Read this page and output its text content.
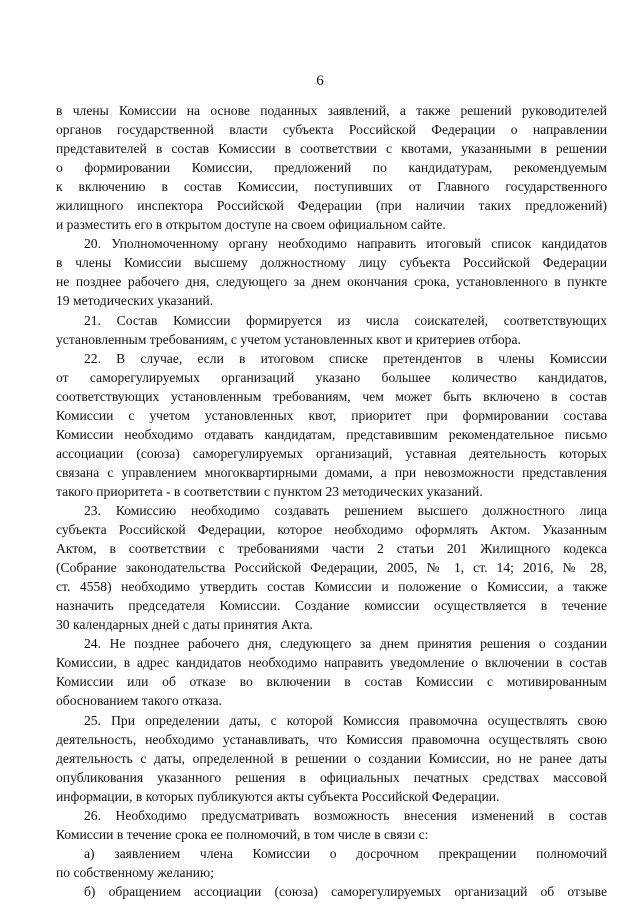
6
в члены Комиссии на основе поданных заявлений, а также решений руководителей
органов государственной власти субъекта Российской Федерации о направлении
представителей в состав Комиссии в соответствии с квотами, указанными в решении
о формировании Комиссии, предложений по кандидатурам, рекомендуемым
к включению в состав Комиссии, поступивших от Главного государственного
жилищного инспектора Российской Федерации (при наличии таких предложений)
и разместить его в открытом доступе на своем официальном сайте.
20. Уполномоченному органу необходимо направить итоговый список кандидатов
в члены Комиссии высшему должностному лицу субъекта Российской Федерации
не позднее рабочего дня, следующего за днем окончания срока, установленного в пункте
19 методических указаний.
21. Состав Комиссии формируется из числа соискателей, соответствующих
установленным требованиям, с учетом установленных квот и критериев отбора.
22. В случае, если в итоговом списке претендентов в члены Комиссии
от саморегулируемых организаций указано большее количество кандидатов,
соответствующих установленным требованиям, чем может быть включено в состав
Комиссии с учетом установленных квот, приоритет при формировании состава
Комиссии необходимо отдавать кандидатам, представившим рекомендательное письмо
ассоциации (союза) саморегулируемых организаций, уставная деятельность которых
связана с управлением многоквартирными домами, а при невозможности представления
такого приоритета - в соответствии с пунктом 23 методических указаний.
23. Комиссию необходимо создавать решением высшего должностного лица
субъекта Российской Федерации, которое необходимо оформлять Актом. Указанным
Актом, в соответствии с требованиями части 2 статьи 201 Жилищного кодекса
(Собрание законодательства Российской Федерации, 2005, № 1, ст. 14; 2016, № 28,
ст. 4558) необходимо утвердить состав Комиссии и положение о Комиссии, а также
назначить председателя Комиссии. Создание комиссии осуществляется в течение
30 календарных дней с даты принятия Акта.
24. Не позднее рабочего дня, следующего за днем принятия решения о создании
Комиссии, в адрес кандидатов необходимо направить уведомление о включении в состав
Комиссии или об отказе во включении в состав Комиссии с мотивированным
обоснованием такого отказа.
25. При определении даты, с которой Комиссия правомочна осуществлять свою
деятельность, необходимо устанавливать, что Комиссия правомочна осуществлять свою
деятельность с даты, определенной в решении о создании Комиссии, но не ранее даты
опубликования указанного решения в официальных печатных средствах массовой
информации, в которых публикуются акты субъекта Российской Федерации.
26. Необходимо предусматривать возможность внесения изменений в состав
Комиссии в течение срока ее полномочий, в том числе в связи с:
а) заявлением члена Комиссии о досрочном прекращении полномочий
по собственному желанию;
б) обращением ассоциации (союза) саморегулируемых организаций об отзыве
